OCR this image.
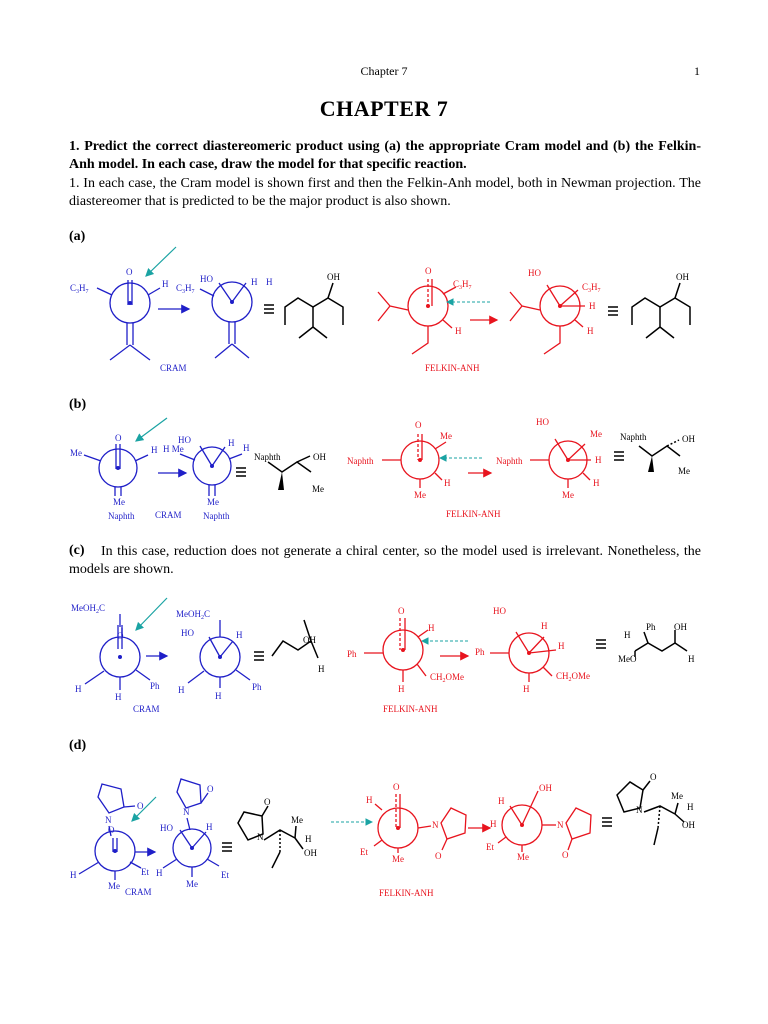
Chapter 7	1
CHAPTER 7
1. Predict the correct diastereomeric product using (a) the appropriate Cram model and (b) the Felkin-Anh model. In each case, draw the model for that specific reaction.
1. In each case, the Cram model is shown first and then the Felkin-Anh model, both in Newman projection. The diastereomer that is predicted to be the major product is also shown.
(a)
(b)
(c)	In this case, reduction does not generate a chiral center, so the model used is irrelevant. Nonetheless, the models are shown.
(d)
O
$C_3H_7$
H
CRAM
HO	H H
$C_3H_7$
OH
O
$C_3H_7$
H
FELKIN-ANH
HO
$C_3H_7$
H
H
OH
O
Me	H
Me
Naphth CRAM
HO	H
H Me	H
Me
Naphth
Naphth	OH
Me
O
Me
Naphth
H
Me
FELKIN-ANH
HO
Me
Naphth	H
H
Me
Naphth	OH
Me
MeOH$_2$C
O
H
H
Ph
CRAM
MeOH$_2$C
HO	H
H
H
Ph
OH
H
O
H
Ph
H
$CH_2OMe$
FELKIN-ANH
HO
H
Ph
H
H
$CH_2OMe$
H
Ph
MeO
OH
H
O
N
O
H
Me
Et
CRAM
O
N
HO	H
H
Me
Et
O
N
Me
H
OH
O
H
Et
Me
N
O
FELKIN-ANH
H
OH
H
Et
Me
N
O
O
N
Me
H
OH
